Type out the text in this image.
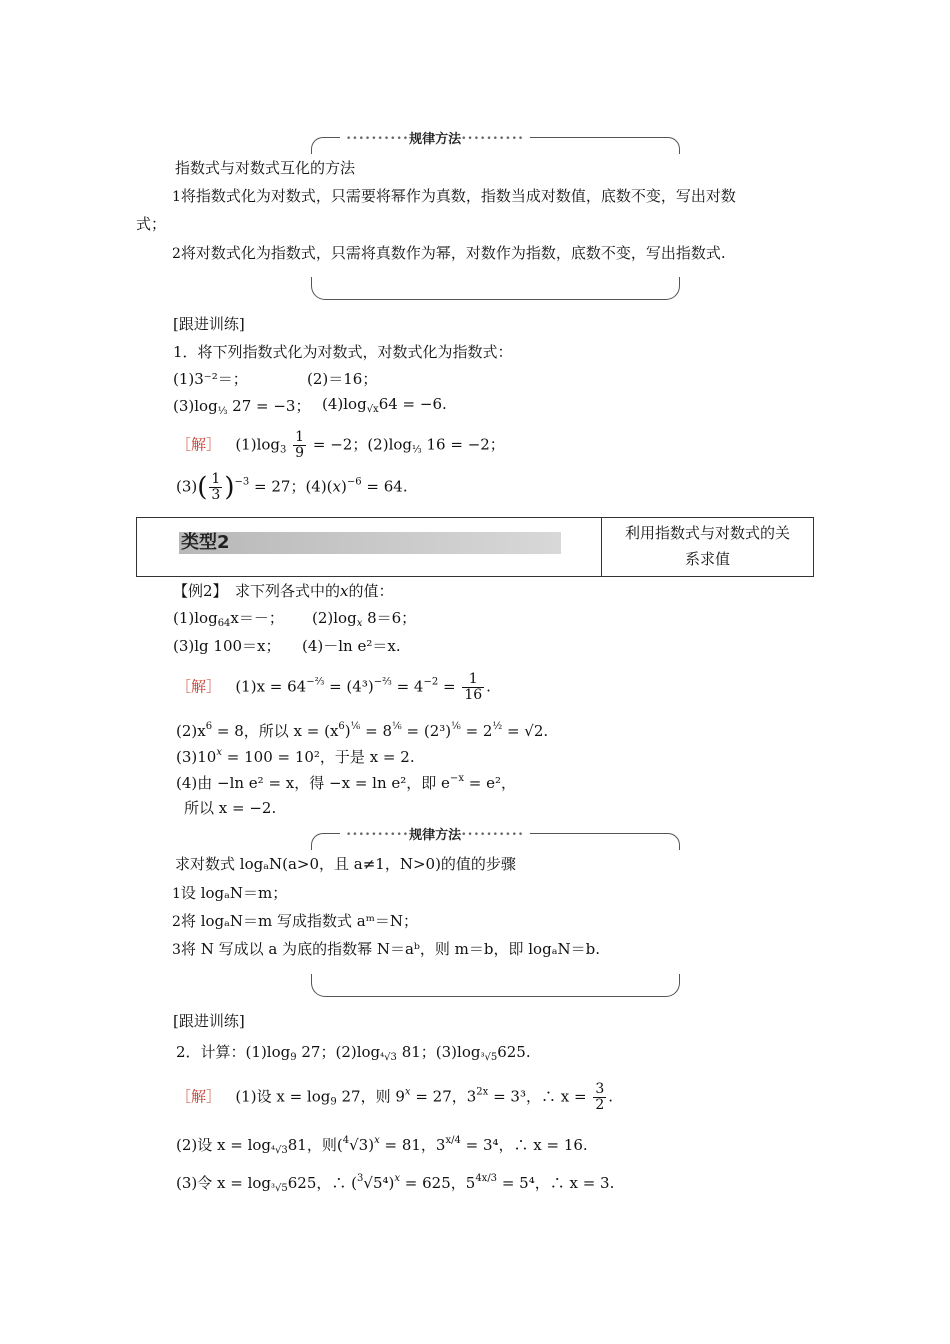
••••••••••规律方法••••••••••
指数式与对数式互化的方法
1将指数式化为对数式，只需要将幂作为真数，指数当成对数值，底数不变，写出对数
式；
2将对数式化为指数式，只需将真数作为幂，对数作为指数，底数不变，写出指数式.
[跟进训练]
1．将下列指数式化为对数式，对数式化为指数式：
(1)3⁻²＝；	(2)＝16；
$(3)\log_{\frac{1}{3}}$ 27 = −3； $(4)\log_{√x}64 = -6$.
［解］ $(1)\log_3 \frac{1}{9} = -2$；$(2)\log_{\frac{1}{3}}$ 16 = −2；
$(3)( \frac{1}{3} )^{-3} = 27$；$(4)(x)^{-6} = 64$.
类型2	利用指数式与对数式的关
系求值
【例2】　求下列各式中的x的值：
$(1)\log_{64}x=-$； $(2)\log_x$ 8＝6；
(3)lg 100＝x； (4)－ln e²＝x.
［解］ $(1)x = 64^{-\frac{2}{3}} = (4^3)^{-\frac{2}{3}} = 4^{-2} = \frac{1}{16}$ .
$(2)x^6 = 8$，所以 $x = (x^6)^{\frac{1}{6}} = 8^{\frac{1}{6}} = (2^3)^{\frac{1}{6}} = 2^{\frac{1}{2}} = √2$.
$(3)10^x = 100 = 10^2$，于是 x = 2.
(4)由 −ln e² = x，得 −x = ln e²，即 $e^{-x} = e^2$，
所以 x = −2.
••••••••••规律方法••••••••••
求对数式 logₐN(a>0，且 a≠1，N>0)的值的步骤
1设 logₐN＝m；
2将 logₐN＝m 写成指数式 aᵐ＝N；
3将 N 写成以 a 为底的指数幂 N＝aᵇ，则 m＝b，即 logₐN＝b.
[跟进训练]
2．计算：$(1)\log_9$ 27；$(2)\log_{^4√3}$ 81；$(3)\log_{^3√5}625$.
［解］ (1)设 $x = \log_9 27$，则 $9^x = 27$，$3^{2x} = 3^3$，∴ $x = \frac{3}{2}$ .
(2)设 $x = \log_{^4√3}81$，则$(^4√3)^x = 81$，$3^{x/4} = 3^4$，∴ x = 16.
(3)令 $x = \log_{^3√5}625$，∴ $(^3√5^4)^x = 625$，$5^{4x/3} = 5^4$，∴ x = 3.
